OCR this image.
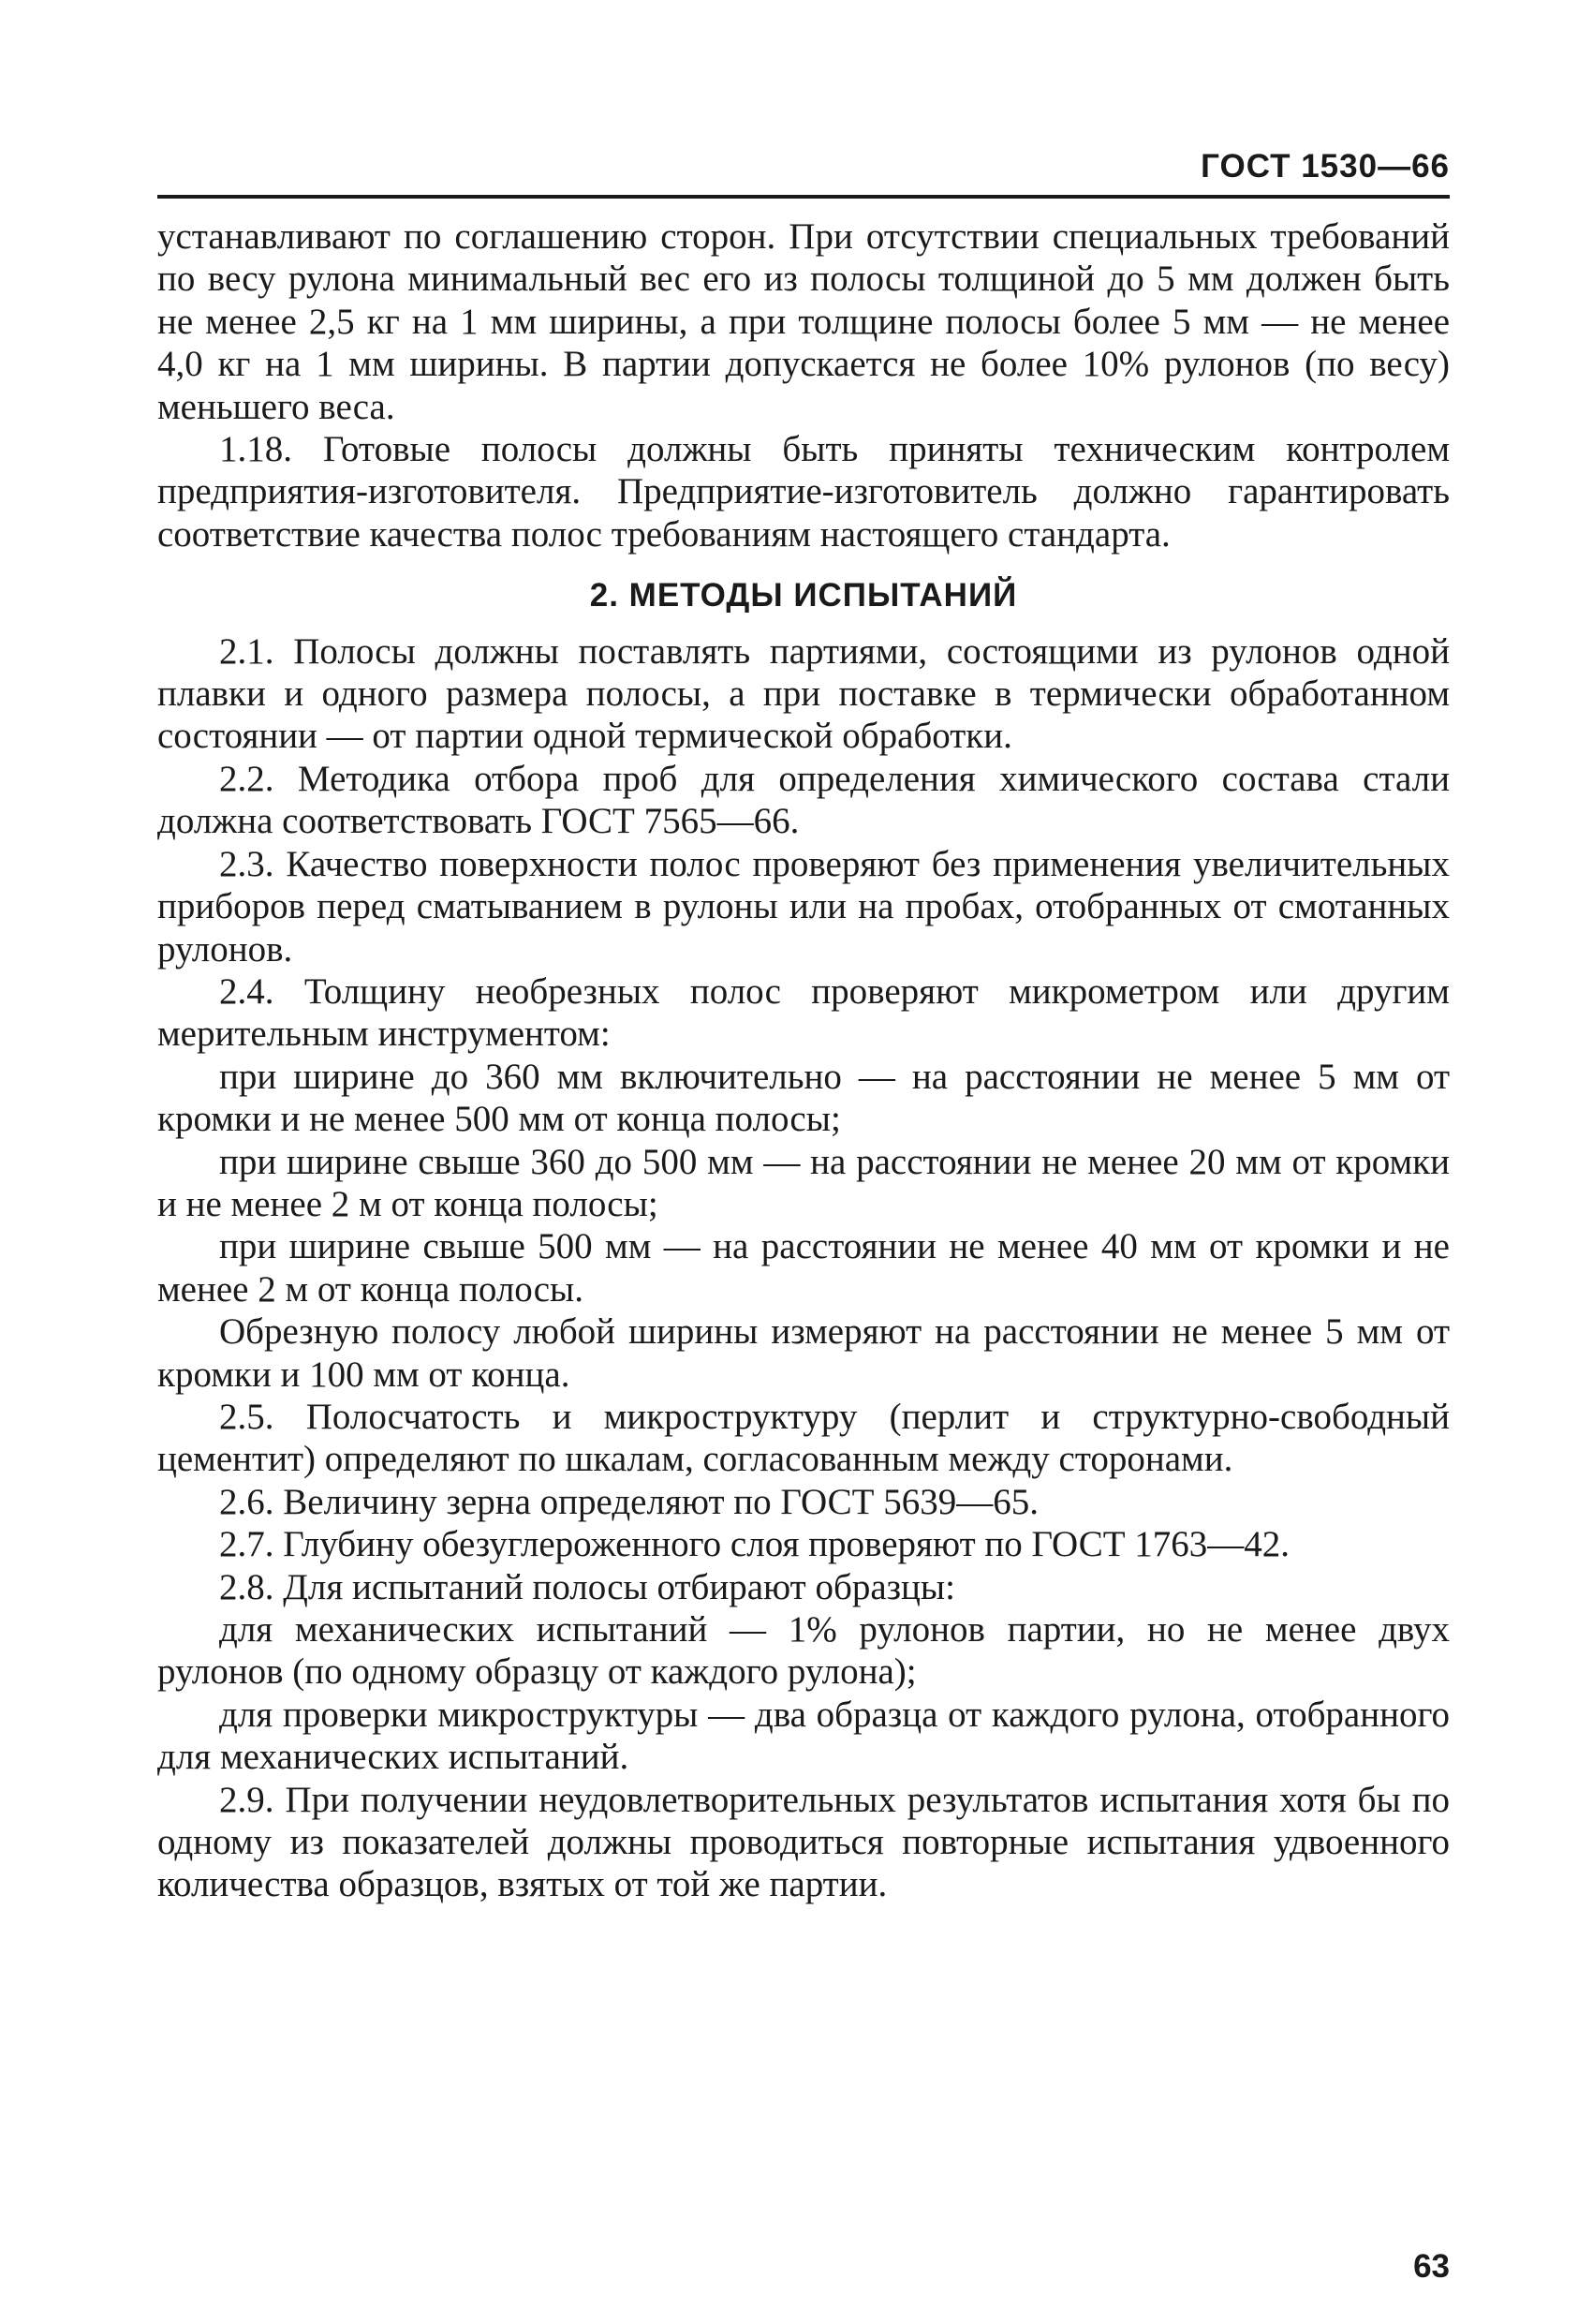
ГОСТ 1530—66

устанавливают по соглашению сторон. При отсутствии специальных требований по весу рулона минимальный вес его из полосы толщиной до 5 мм должен быть не менее 2,5 кг на 1 мм ширины, а при толщине полосы более 5 мм — не менее 4,0 кг на 1 мм ширины. В партии допускается не более 10% рулонов (по весу) меньшего веса.

1.18. Готовые полосы должны быть приняты техническим контролем предприятия-изготовителя. Предприятие-изготовитель должно гарантировать соответствие качества полос требованиям настоящего стандарта.

2. МЕТОДЫ ИСПЫТАНИЙ

2.1. Полосы должны поставлять партиями, состоящими из рулонов одной плавки и одного размера полосы, а при поставке в термически обработанном состоянии — от партии одной термической обработки.

2.2. Методика отбора проб для определения химического состава стали должна соответствовать ГОСТ 7565—66.

2.3. Качество поверхности полос проверяют без применения увеличительных приборов перед сматыванием в рулоны или на пробах, отобранных от смотанных рулонов.

2.4. Толщину необрезных полос проверяют микрометром или другим мерительным инструментом:

при ширине до 360 мм включительно — на расстоянии не менее 5 мм от кромки и не менее 500 мм от конца полосы;

при ширине свыше 360 до 500 мм — на расстоянии не менее 20 мм от кромки и не менее 2 м от конца полосы;

при ширине свыше 500 мм — на расстоянии не менее 40 мм от кромки и не менее 2 м от конца полосы.

Обрезную полосу любой ширины измеряют на расстоянии не менее 5 мм от кромки и 100 мм от конца.

2.5. Полосчатость и микроструктуру (перлит и структурно-свободный цементит) определяют по шкалам, согласованным между сторонами.

2.6. Величину зерна определяют по ГОСТ 5639—65.

2.7. Глубину обезуглероженного слоя проверяют по ГОСТ 1763—42.

2.8. Для испытаний полосы отбирают образцы:

для механических испытаний — 1% рулонов партии, но не менее двух рулонов (по одному образцу от каждого рулона);

для проверки микроструктуры — два образца от каждого рулона, отобранного для механических испытаний.

2.9. При получении неудовлетворительных результатов испытания хотя бы по одному из показателей должны проводиться повторные испытания удвоенного количества образцов, взятых от той же партии.

63
